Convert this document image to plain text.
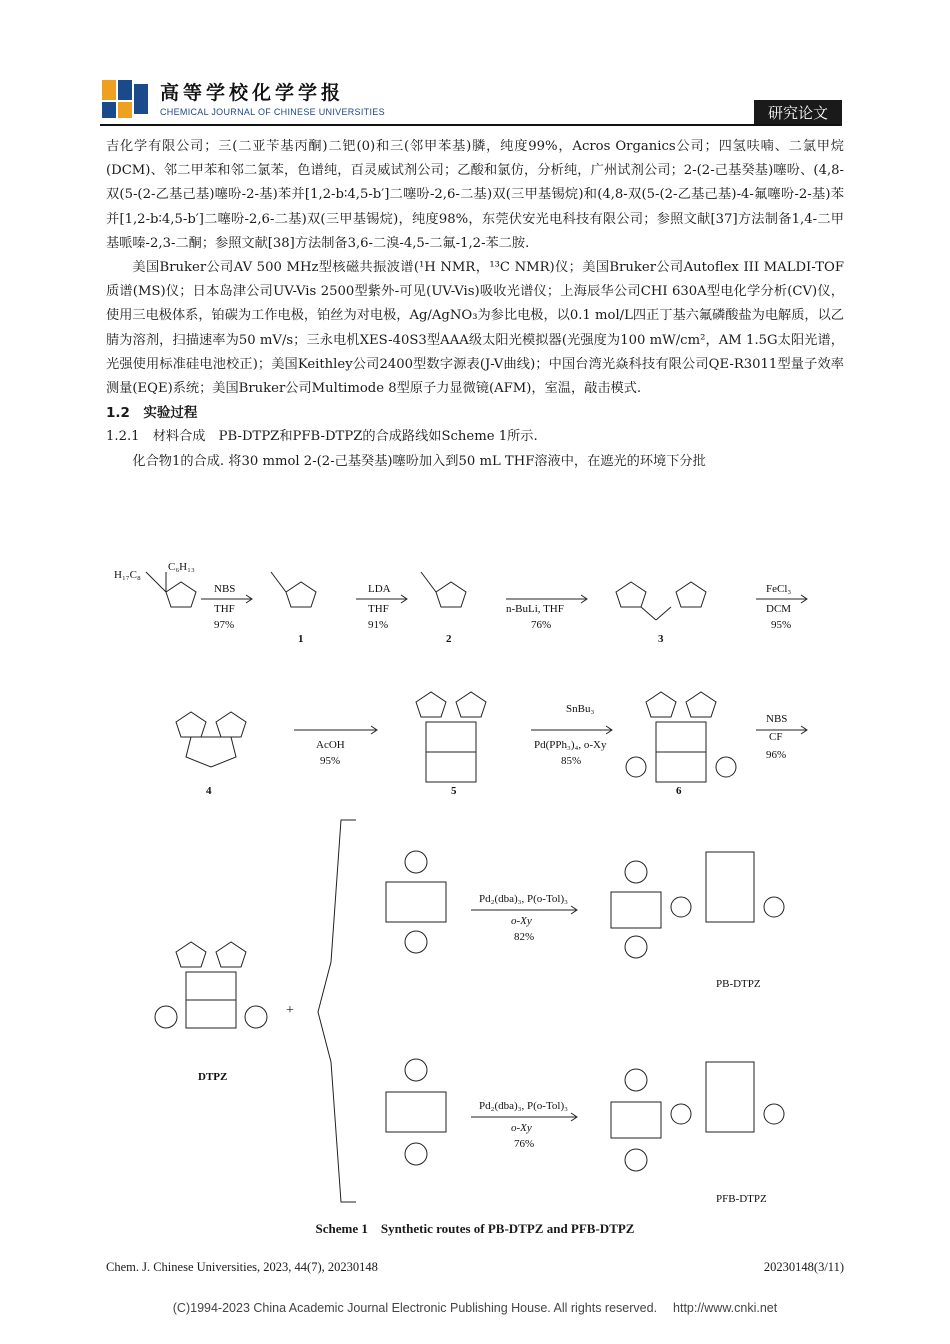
高等学校化学学报
CHEMICAL JOURNAL OF CHINESE UNIVERSITIES	研究论文

吉化学有限公司；三(二亚苄基丙酮)二钯(0)和三(邻甲苯基)膦，纯度99%，Acros Organics公司；四氢呋喃、二氯甲烷(DCM)、邻二甲苯和邻二氯苯，色谱纯，百灵威试剂公司；乙酸和氯仿，分析纯，广州试剂公司；2-(2-己基癸基)噻吩、(4,8-双(5-(2-乙基己基)噻吩-2-基)苯并[1,2-b∶4,5-b′]二噻吩-2,6-二基)双(三甲基锡烷)和(4,8-双(5-(2-乙基己基)-4-氟噻吩-2-基)苯并[1,2-b∶4,5-b′]二噻吩-2,6-二基)双(三甲基锡烷)，纯度98%，东莞伏安光电科技有限公司；参照文献[37]方法制备1,4-二甲基哌嗪-2,3-二酮；参照文献[38]方法制备3,6-二溴-4,5-二氟-1,2-苯二胺.

美国Bruker公司AV 500 MHz型核磁共振波谱(¹H NMR，¹³C NMR)仪；美国Bruker公司Autoflex III MALDI-TOF质谱(MS)仪；日本岛津公司UV-Vis 2500型紫外-可见(UV-Vis)吸收光谱仪；上海辰华公司CHI 630A型电化学分析(CV)仪，使用三电极体系，铂碳为工作电极，铂丝为对电极，Ag/AgNO₃为参比电极，以0.1 mol/L四正丁基六氟磷酸盐为电解质，以乙腈为溶剂，扫描速率为50 mV/s；三永电机XES-40S3型AAA级太阳光模拟器(光强度为100 mW/cm²，AM 1.5G太阳光谱，光强使用标准硅电池校正)；美国Keithley公司2400型数字源表(J-V曲线)；中国台湾光焱科技有限公司QE-R3011型量子效率测量(EQE)系统；美国Bruker公司Multimode 8型原子力显微镜(AFM)，室温，敲击模式.

1.2　实验过程

1.2.1　材料合成　PB-DTPZ和PFB-DTPZ的合成路线如Scheme 1所示.

化合物1的合成. 将30 mmol 2-(2-己基癸基)噻吩加入到50 mL THF溶液中，在遮光的环境下分批

H₁₇C₈
C₆H₁₃
NBS
THF
97%
1
LDA
THF
91%
2
n-BuLi, THF
76%
3
FeCl₃
DCM
95%
4
AcOH
95%
5
SnBu₃
Pd(PPh₃)₄, o-Xy
85%
6
NBS
CF
96%
+
DTPZ
Pd₂(dba)₃, P(o-Tol)₃
o-Xy
82%
PB-DTPZ
Pd₂(dba)₃, P(o-Tol)₃
o-Xy
76%
PFB-DTPZ
Scheme 1　Synthetic routes of PB-DTPZ and PFB-DTPZ
Chem. J. Chinese Universities, 2023, 44(7), 20230148	20230148(3/11)
(C)1994-2023 China Academic Journal Electronic Publishing House. All rights reserved.　 http://www.cnki.net
